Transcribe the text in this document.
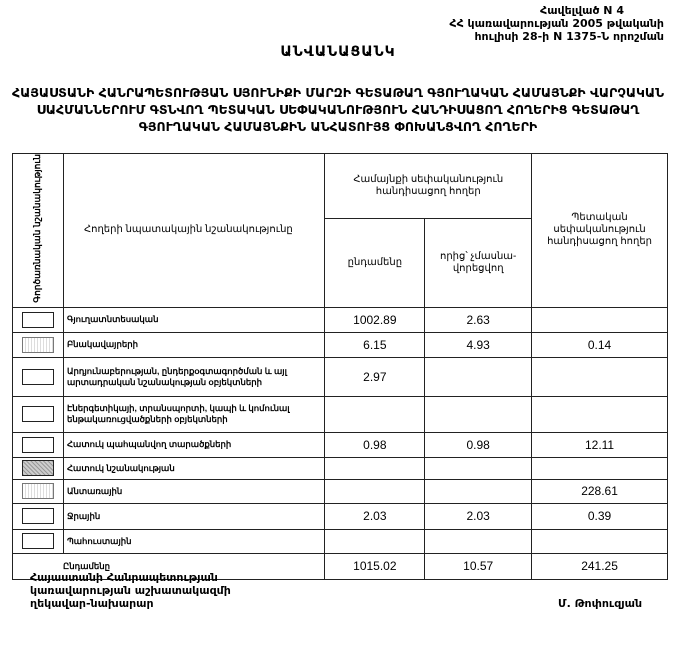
Հավելված N 4
ՀՀ կառավարության 2005 թվականի
հուլիսի 28-ի N 1375-Ն որոշման
ԱՆՎԱՆԱՑԱՆԿ
ՀԱՅԱՍՏԱՆԻ ՀԱՆՐԱՊԵՏՈՒԹՅԱՆ ՍՅՈՒՆԻՔԻ ՄԱՐԶԻ ԳԵՏԱԹԱՂ ԳՅՈՒՂԱԿԱՆ ՀԱՄԱՅՆՔԻ ՎԱՐՉԱԿԱՆ ՍԱՀՄԱՆՆԵՐՈՒՄ ԳՏՆՎՈՂ ՊԵՏԱԿԱՆ ՍԵՓԱԿԱՆՈՒԹՅՈՒՆ ՀԱՆԴԻՍԱՑՈՂ ՀՈՂԵՐԻՑ ԳԵՏԱԹԱՂ ԳՅՈՒՂԱԿԱՆ ՀԱՄԱՅՆՔԻՆ ԱՆՀԱՏՈՒՅՑ ՓՈԽԱՆՑՎՈՂ ՀՈՂԵՐԻ
Գործառնական նշանակություն	Հողերի նպատակային նշանակությունը	Համայնքի սեփականություն հանդիսացող հողեր		Պետական սեփականություն հանդիսացող հողեր
		ընդամենը	որից՝ չմասնա-վորեցվող	

	Գյուղատնտեսական	1002.89	2.63	

	Բնակավայրերի	6.15	4.93	0.14

	Արդյունաբերության, ընդերքօգտագործման և այլ արտադրական նշանակության օբյեկտների	2.97		

	Էներգետիկայի, տրանսպորտի, կապի և կոմունալ ենթակառուցվածքների օբյեկտների			

	Հատուկ պահպանվող տարածքների	0.98	0.98	12.11

	Հատուկ նշանակության			

	Անտառային			228.61

	Ջրային	2.03	2.03	0.39

	Պահուստային			
Ընդամենը		1015.02	10.57	241.25
Հայաստանի Հանրապետության
կառավարության աշխատակազմի
ղեկավար-նախարար	Մ. Թոփուզյան
